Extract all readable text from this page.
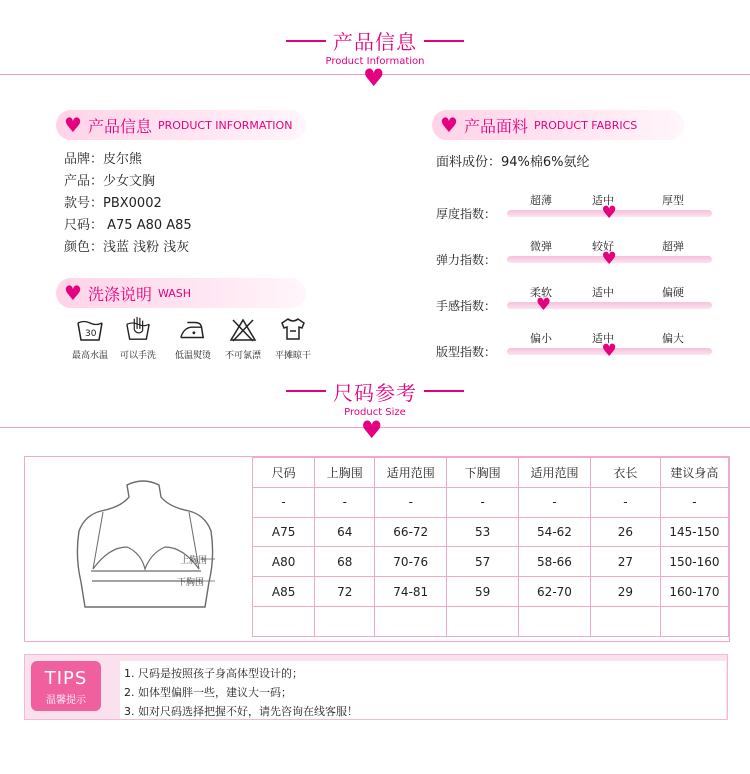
产品信息
Product Information
♥
♥ 产品信息 PRODUCT INFORMATION
品牌：皮尔熊
产品：少女文胸
款号：PBX0002
尺码： A75 A80 A85
颜色：浅蓝 浅粉 浅灰
♥ 洗涤说明 WASH
30
最高水温	可以手洗	低温熨烫	不可氯漂	平摊晾干
♥ 产品面料 PRODUCT FABRICS
面料成份：94%棉6%氨纶
厚度指数：
超薄	适中	厚型
♥
弹力指数：
微弹	较好	超弹
♥
手感指数：
柔软	适中	偏硬
♥
版型指数：
偏小	适中	偏大
♥
尺码参考
Product Size
♥
上胸围
下胸围
尺码	上胸围	适用范围	下胸围	适用范围	衣长	建议身高
-	-	-	-	-	-	-
A75	64	66-72	53	54-62	26	145-150
A80	68	70-76	57	58-66	27	150-160
A85	72	74-81	59	62-70	29	160-170

TIPS
温馨提示
1. 尺码是按照孩子身高体型设计的；
2. 如体型偏胖一些，建议大一码；
3. 如对尺码选择把握不好，请先咨询在线客服！
